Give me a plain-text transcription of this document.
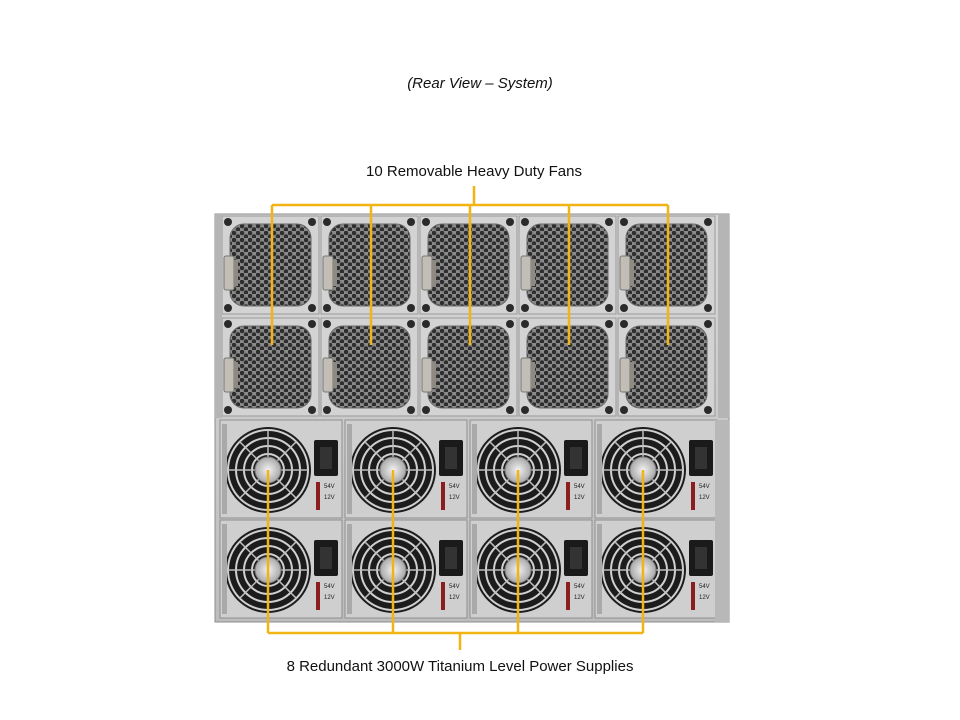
(Rear View – System)
10 Removable Heavy Duty Fans
8 Redundant 3000W Titanium Level Power Supplies
54V
12V
54V
12V
54V
12V
54V
12V
54V
12V
54V
12V
54V
12V
54V
12V
